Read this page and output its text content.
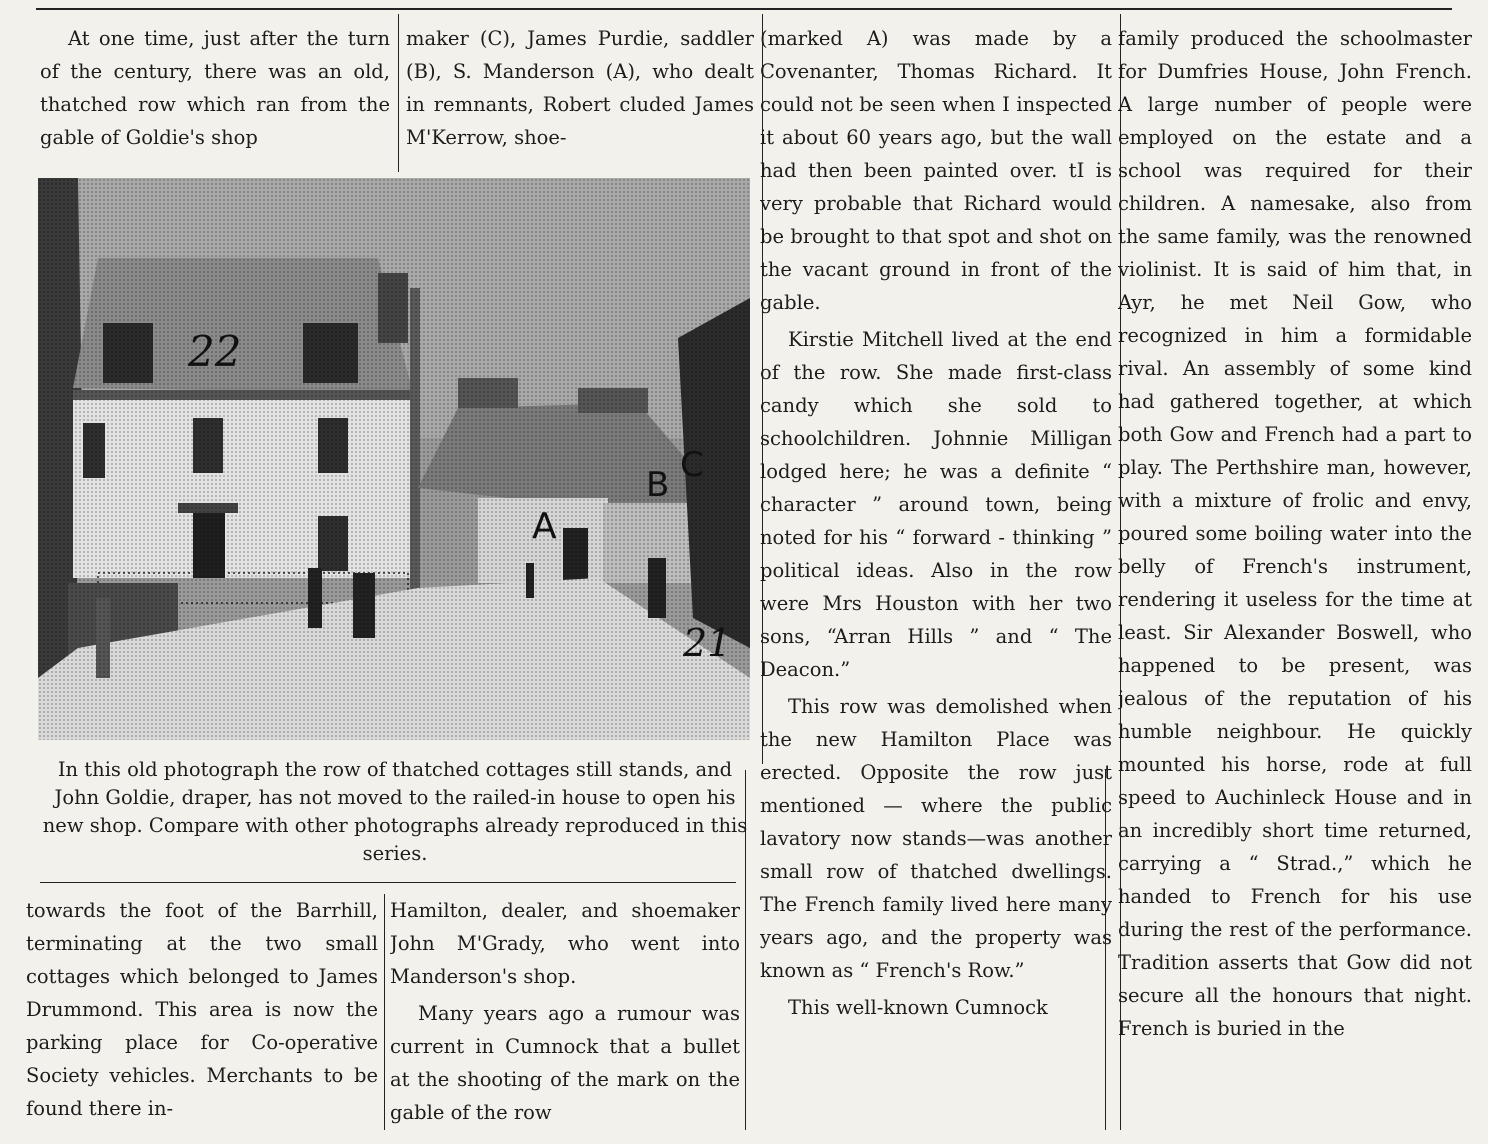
At one time, just after the turn of the century, there was an old, thatched row which ran from the gable of Goldie's shop

maker (C), James Purdie, saddler (B), S. Manderson (A), who dealt in remnants, Robert cluded James M'Kerrow, shoe-

22
21
A
B C
In this old photograph the row of thatched cottages still stands, and John Goldie, draper, has not moved to the railed-in house to open his new shop. Compare with other photographs already reproduced in this series.

(marked A) was made by a Covenanter, Thomas Richard. It could not be seen when I inspected it about 60 years ago, but the wall had then been painted over. tI is very probable that Richard would be brought to that spot and shot on the vacant ground in front of the gable.

Kirstie Mitchell lived at the end of the row. She made first-class candy which she sold to schoolchildren. Johnnie Milligan lodged here; he was a definite “ character ” around town, being noted for his “ forward - thinking ” political ideas. Also in the row were Mrs Houston with her two sons, “Arran Hills ” and “ The Deacon.”

This row was demolished when the new Hamilton Place was erected. Opposite the row just mentioned — where the public lavatory now stands—was another small row of thatched dwellings. The French family lived here many years ago, and the property was known as “ French's Row.”

This well-known Cumnock

family produced the schoolmaster for Dumfries House, John French. A large number of people were employed on the estate and a school was required for their children. A namesake, also from the same family, was the renowned violinist. It is said of him that, in Ayr, he met Neil Gow, who recognized in him a formidable rival. An assembly of some kind had gathered together, at which both Gow and French had a part to play. The Perthshire man, however, with a mixture of frolic and envy, poured some boiling water into the belly of French's instrument, rendering it useless for the time at least. Sir Alexander Boswell, who happened to be present, was jealous of the reputation of his humble neighbour. He quickly mounted his horse, rode at full speed to Auchinleck House and in an incredibly short time returned, carrying a “ Strad.,” which he handed to French for his use during the rest of the performance. Tradition asserts that Gow did not secure all the honours that night. French is buried in the

towards the foot of the Barrhill, terminating at the two small cottages which belonged to James Drummond. This area is now the parking place for Co-operative Society vehicles. Merchants to be found there in-

Hamilton, dealer, and shoemaker John M'Grady, who went into Manderson's shop.

Many years ago a rumour was current in Cumnock that a bullet at the shooting of the mark on the gable of the row
